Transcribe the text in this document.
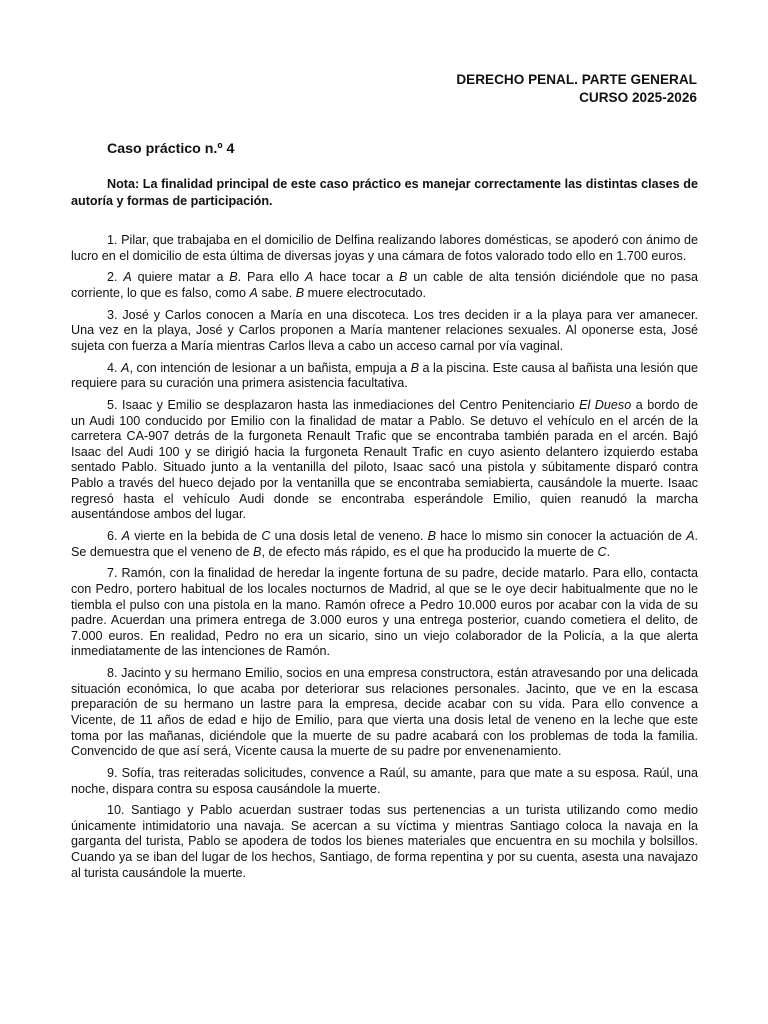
DERECHO PENAL. PARTE GENERAL
CURSO 2025-2026
Caso práctico n.º 4

Nota: La finalidad principal de este caso práctico es manejar correctamente las distintas clases de autoría y formas de participación.

1. Pilar, que trabajaba en el domicilio de Delfina realizando labores domésticas, se apoderó con ánimo de lucro en el domicilio de esta última de diversas joyas y una cámara de fotos valorado todo ello en 1.700 euros.

2. A quiere matar a B. Para ello A hace tocar a B un cable de alta tensión diciéndole que no pasa corriente, lo que es falso, como A sabe. B muere electrocutado.

3. José y Carlos conocen a María en una discoteca. Los tres deciden ir a la playa para ver amanecer. Una vez en la playa, José y Carlos proponen a María mantener relaciones sexuales. Al oponerse esta, José sujeta con fuerza a María mientras Carlos lleva a cabo un acceso carnal por vía vaginal.

4. A, con intención de lesionar a un bañista, empuja a B a la piscina. Este causa al bañista una lesión que requiere para su curación una primera asistencia facultativa.

5. Isaac y Emilio se desplazaron hasta las inmediaciones del Centro Penitenciario El Dueso a bordo de un Audi 100 conducido por Emilio con la finalidad de matar a Pablo. Se detuvo el vehículo en el arcén de la carretera CA-907 detrás de la furgoneta Renault Trafic que se encontraba también parada en el arcén. Bajó Isaac del Audi 100 y se dirigió hacia la furgoneta Renault Trafic en cuyo asiento delantero izquierdo estaba sentado Pablo. Situado junto a la ventanilla del piloto, Isaac sacó una pistola y súbitamente disparó contra Pablo a través del hueco dejado por la ventanilla que se encontraba semiabierta, causándole la muerte. Isaac regresó hasta el vehículo Audi donde se encontraba esperándole Emilio, quien reanudó la marcha ausentándose ambos del lugar.

6. A vierte en la bebida de C una dosis letal de veneno. B hace lo mismo sin conocer la actuación de A. Se demuestra que el veneno de B, de efecto más rápido, es el que ha producido la muerte de C.

7. Ramón, con la finalidad de heredar la ingente fortuna de su padre, decide matarlo. Para ello, contacta con Pedro, portero habitual de los locales nocturnos de Madrid, al que se le oye decir habitualmente que no le tiembla el pulso con una pistola en la mano. Ramón ofrece a Pedro 10.000 euros por acabar con la vida de su padre. Acuerdan una primera entrega de 3.000 euros y una entrega posterior, cuando cometiera el delito, de 7.000 euros. En realidad, Pedro no era un sicario, sino un viejo colaborador de la Policía, a la que alerta inmediatamente de las intenciones de Ramón.

8. Jacinto y su hermano Emilio, socios en una empresa constructora, están atravesando por una delicada situación económica, lo que acaba por deteriorar sus relaciones personales. Jacinto, que ve en la escasa preparación de su hermano un lastre para la empresa, decide acabar con su vida. Para ello convence a Vicente, de 11 años de edad e hijo de Emilio, para que vierta una dosis letal de veneno en la leche que este toma por las mañanas, diciéndole que la muerte de su padre acabará con los problemas de toda la familia. Convencido de que así será, Vicente causa la muerte de su padre por envenenamiento.

9. Sofía, tras reiteradas solicitudes, convence a Raúl, su amante, para que mate a su esposa. Raúl, una noche, dispara contra su esposa causándole la muerte.

10. Santiago y Pablo acuerdan sustraer todas sus pertenencias a un turista utilizando como medio únicamente intimidatorio una navaja. Se acercan a su víctima y mientras Santiago coloca la navaja en la garganta del turista, Pablo se apodera de todos los bienes materiales que encuentra en su mochila y bolsillos. Cuando ya se iban del lugar de los hechos, Santiago, de forma repentina y por su cuenta, asesta una navajazo al turista causándole la muerte.
